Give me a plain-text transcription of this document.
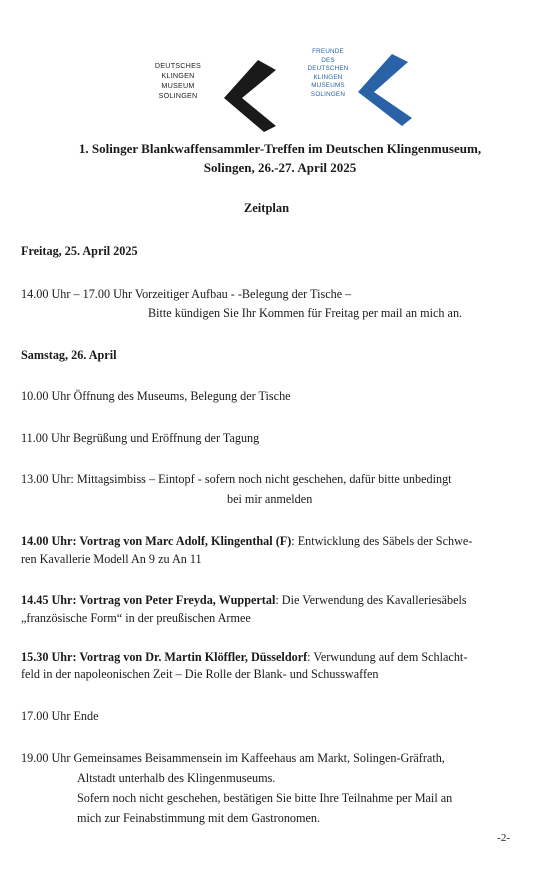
DEUTSCHES
KLINGEN
MUSEUM
SOLINGEN
FREUNDE
DES
DEUTSCHEN
KLINGEN
MUSEUMS
SOLINGEN
1. Solinger Blankwaffensammler-Treffen im Deutschen Klingenmuseum,
Solingen, 26.-27. April 2025
Zeitplan
Freitag, 25. April 2025
14.00 Uhr – 17.00 Uhr Vorzeitiger Aufbau - -Belegung der Tische –
Bitte kündigen Sie Ihr Kommen für Freitag per mail an mich an.
Samstag, 26. April
10.00 Uhr Öffnung des Museums, Belegung der Tische
11.00 Uhr Begrüßung und Eröffnung der Tagung
13.00 Uhr: Mittagsimbiss – Eintopf - sofern noch nicht geschehen, dafür bitte unbedingt
bei mir anmelden
14.00 Uhr: Vortrag von Marc Adolf, Klingenthal (F): Entwicklung des Säbels der Schwe-
ren Kavallerie Modell An 9 zu An 11
14.45 Uhr: Vortrag von Peter Freyda, Wuppertal: Die Verwendung des Kavalleriesäbels
„französische Form“ in der preußischen Armee
15.30 Uhr: Vortrag von Dr. Martin Klöffler, Düsseldorf: Verwundung auf dem Schlacht-
feld in der napoleonischen Zeit – Die Rolle der Blank- und Schusswaffen
17.00 Uhr Ende
19.00 Uhr Gemeinsames Beisammensein im Kaffeehaus am Markt, Solingen-Gräfrath,
Altstadt unterhalb des Klingenmuseums.
Sofern noch nicht geschehen, bestätigen Sie bitte Ihre Teilnahme per Mail an
mich zur Feinabstimmung mit dem Gastronomen.
-2-
